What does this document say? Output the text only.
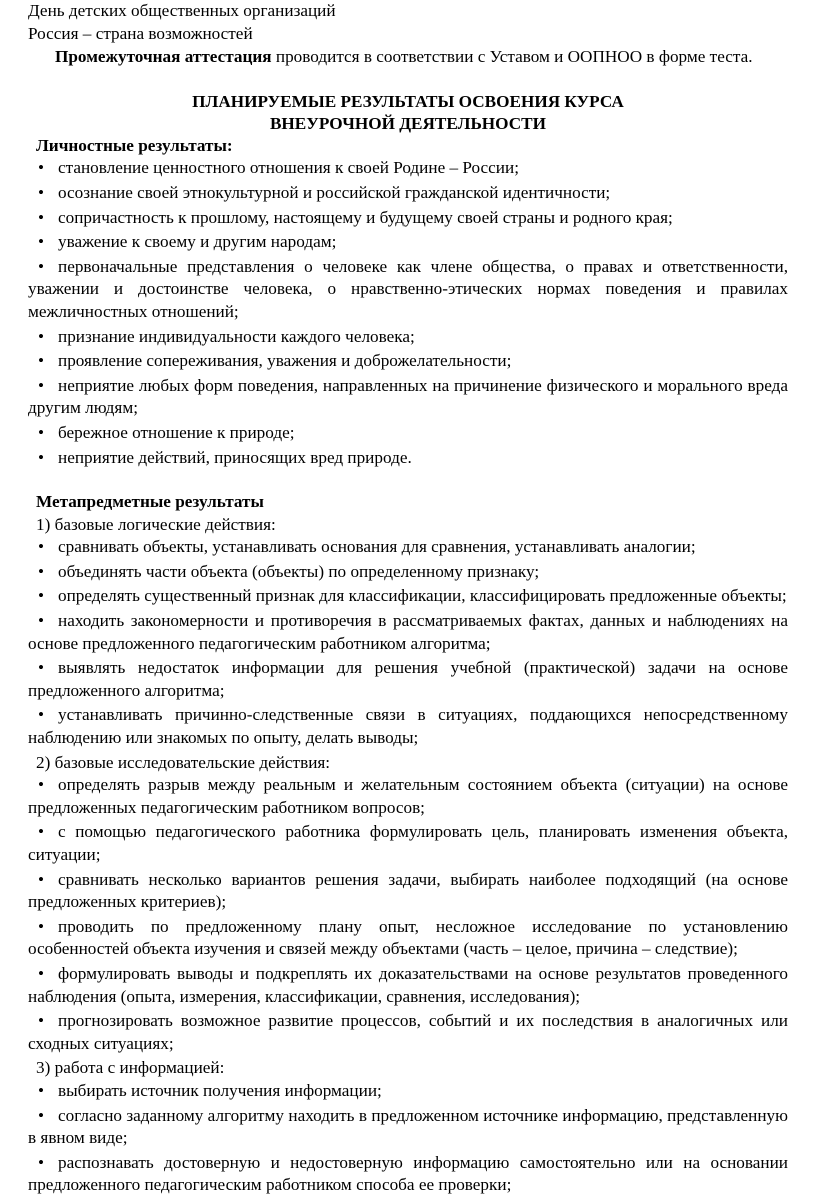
День детских общественных организаций
Россия – страна возможностей
Промежуточная аттестация проводится в соответствии с Уставом и ООПНОО в форме теста.
ПЛАНИРУЕМЫЕ РЕЗУЛЬТАТЫ ОСВОЕНИЯ КУРСА
ВНЕУРОЧНОЙ ДЕЯТЕЛЬНОСТИ
Личностные результаты:
• становление ценностного отношения к своей Родине – России;
• осознание своей этнокультурной и российской гражданской идентичности;
• сопричастность к прошлому, настоящему и будущему своей страны и родного края;
• уважение к своему и другим народам;
• первоначальные представления о человеке как члене общества, о правах и ответственности, уважении и достоинстве человека, о нравственно-этических нормах поведения и правилах межличностных отношений;
• признание индивидуальности каждого человека;
• проявление сопереживания, уважения и доброжелательности;
• неприятие любых форм поведения, направленных на причинение физического и морального вреда другим людям;
• бережное отношение к природе;
• неприятие действий, приносящих вред природе.
Метапредметные результаты
1) базовые логические действия:
• сравнивать объекты, устанавливать основания для сравнения, устанавливать аналогии;
• объединять части объекта (объекты) по определенному признаку;
• определять существенный признак для классификации, классифицировать предложенные объекты;
• находить закономерности и противоречия в рассматриваемых фактах, данных и наблюдениях на основе предложенного педагогическим работником алгоритма;
• выявлять недостаток информации для решения учебной (практической) задачи на основе предложенного алгоритма;
• устанавливать причинно-следственные связи в ситуациях, поддающихся непосредственному наблюдению или знакомых по опыту, делать выводы;
2) базовые исследовательские действия:
• определять разрыв между реальным и желательным состоянием объекта (ситуации) на основе предложенных педагогическим работником вопросов;
• с помощью педагогического работника формулировать цель, планировать изменения объекта, ситуации;
• сравнивать несколько вариантов решения задачи, выбирать наиболее подходящий (на основе предложенных критериев);
• проводить по предложенному плану опыт, несложное исследование по установлению особенностей объекта изучения и связей между объектами (часть – целое, причина – следствие);
• формулировать выводы и подкреплять их доказательствами на основе результатов проведенного наблюдения (опыта, измерения, классификации, сравнения, исследования);
• прогнозировать возможное развитие процессов, событий и их последствия в аналогичных или сходных ситуациях;
3) работа с информацией:
• выбирать источник получения информации;
• согласно заданному алгоритму находить в предложенном источнике информацию, представленную в явном виде;
• распознавать достоверную и недостоверную информацию самостоятельно или на основании предложенного педагогическим работником способа ее проверки;
